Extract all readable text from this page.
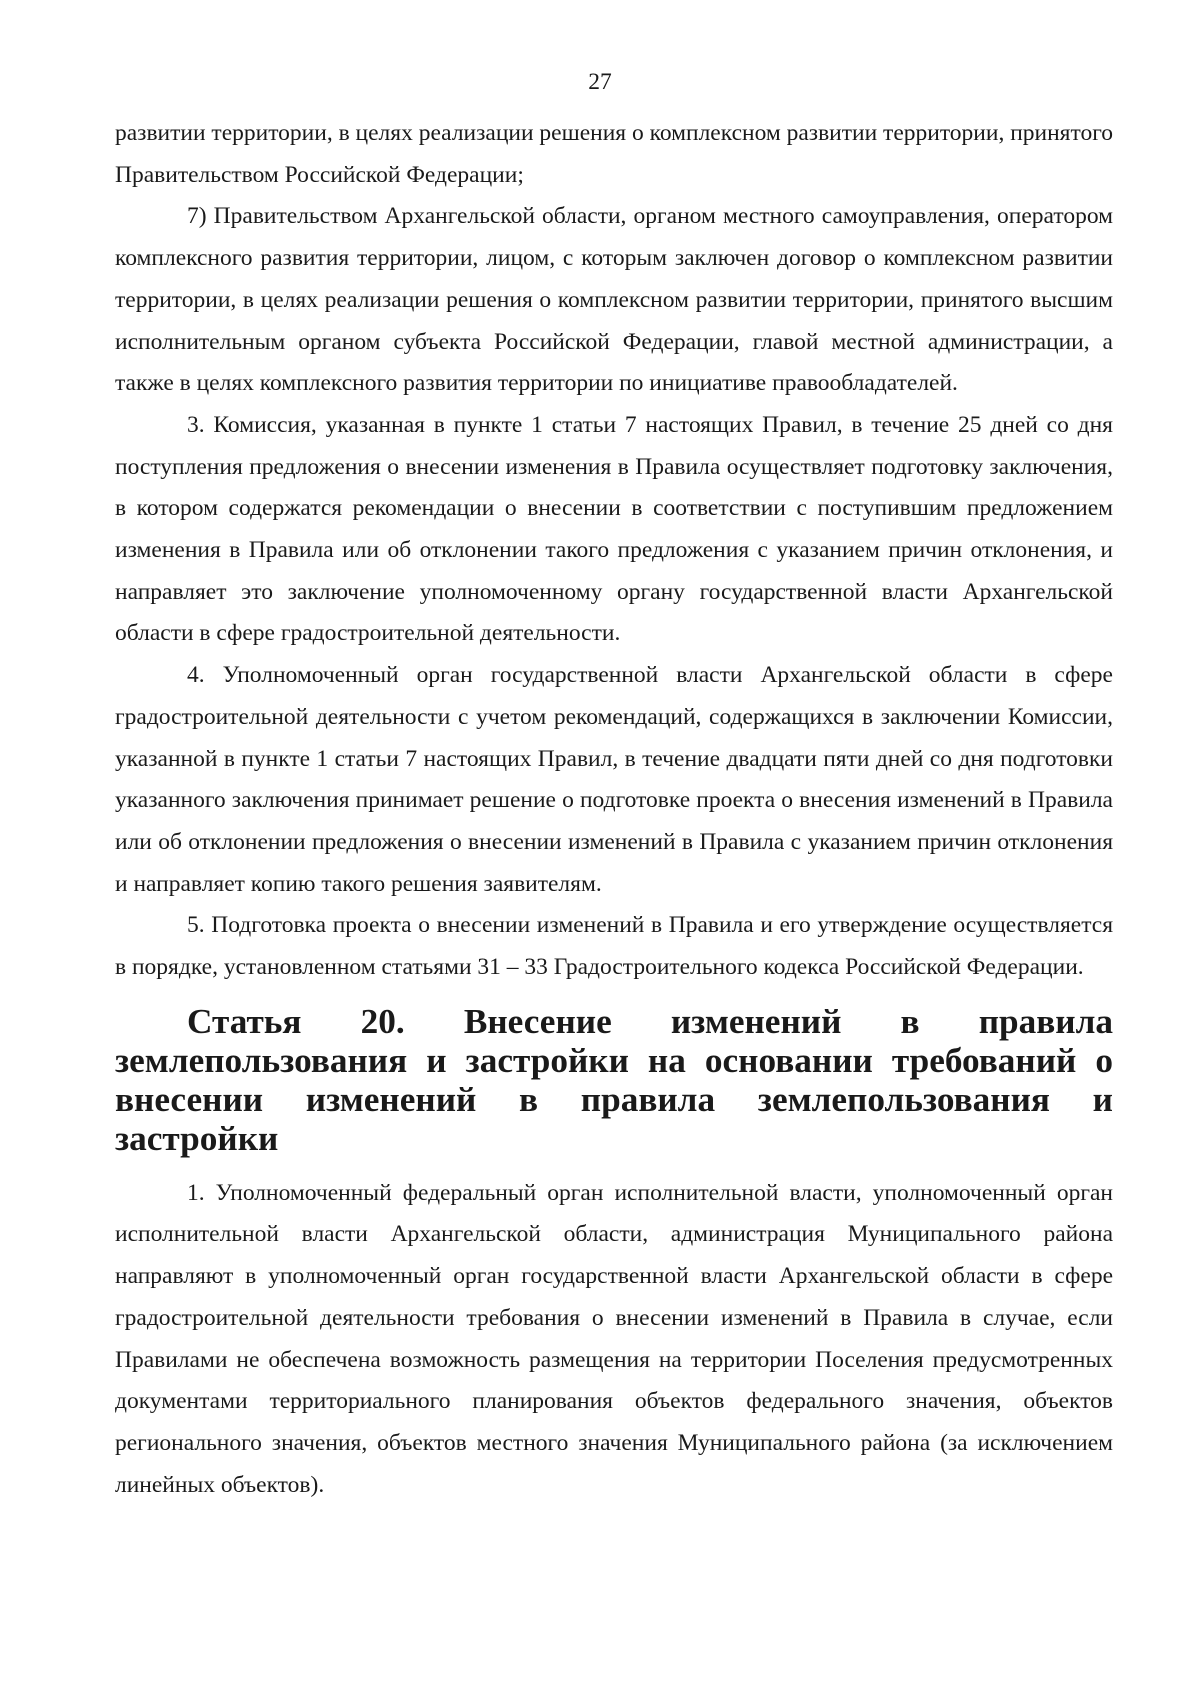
27

развитии территории, в целях реализации решения о комплексном развитии территории, принятого Правительством Российской Федерации;

7) Правительством Архангельской области, органом местного самоуправления, оператором комплексного развития территории, лицом, с которым заключен договор о комплексном развитии территории, в целях реализации решения о комплексном развитии территории, принятого высшим исполнительным органом субъекта Российской Федерации, главой местной администрации, а также в целях комплексного развития территории по инициативе правообладателей.

3. Комиссия, указанная в пункте 1 статьи 7 настоящих Правил, в течение 25 дней со дня поступления предложения о внесении изменения в Правила осуществляет подготовку заключения, в котором содержатся рекомендации о внесении в соответствии с поступившим предложением изменения в Правила или об отклонении такого предложения с указанием причин отклонения, и направляет это заключение уполномоченному органу государственной власти Архангельской области в сфере градостроительной деятельности.

4. Уполномоченный орган государственной власти Архангельской области в сфере градостроительной деятельности с учетом рекомендаций, содержащихся в заключении Комиссии, указанной в пункте 1 статьи 7 настоящих Правил, в течение двадцати пяти дней со дня подготовки указанного заключения принимает решение о подготовке проекта о внесения изменений в Правила или об отклонении предложения о внесении изменений в Правила с указанием причин отклонения и направляет копию такого решения заявителям.

5. Подготовка проекта о внесении изменений в Правила и его утверждение осуществляется в порядке, установленном статьями 31 – 33 Градостроительного кодекса Российской Федерации.

Статья 20. Внесение изменений в правила землепользования и застройки на основании требований о внесении изменений в правила землепользования и застройки

1. Уполномоченный федеральный орган исполнительной власти, уполномоченный орган исполнительной власти Архангельской области, администрация Муниципального района направляют в уполномоченный орган государственной власти Архангельской области в сфере градостроительной деятельности требования о внесении изменений в Правила в случае, если Правилами не обеспечена возможность размещения на территории Поселения предусмотренных документами территориального планирования объектов федерального значения, объектов регионального значения, объектов местного значения Муниципального района (за исключением линейных объектов).
